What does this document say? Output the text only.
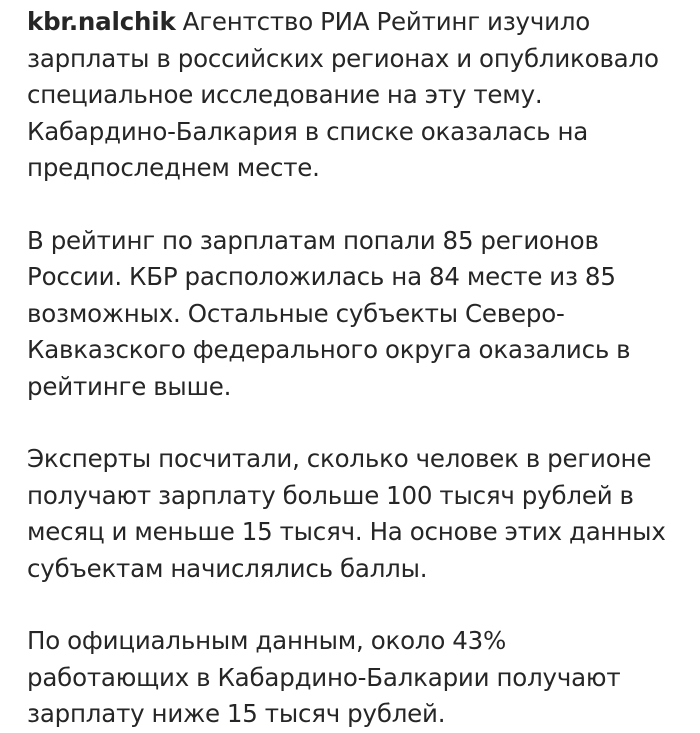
kbr.nalchik Агентство РИА Рейтинг изучило
зарплаты в российских регионах и опубликовало
специальное исследование на эту тему.
Кабардино-Балкария в списке оказалась на
предпоследнем месте.

В рейтинг по зарплатам попали 85 регионов
России. КБР расположилась на 84 месте из 85
возможных. Остальные субъекты Северо-
Кавказского федерального округа оказались в
рейтинге выше.

Эксперты посчитали, сколько человек в регионе
получают зарплату больше 100 тысяч рублей в
месяц и меньше 15 тысяч. На основе этих данных
субъектам начислялись баллы.

По официальным данным, около 43%
работающих в Кабардино-Балкарии получают
зарплату ниже 15 тысяч рублей.
